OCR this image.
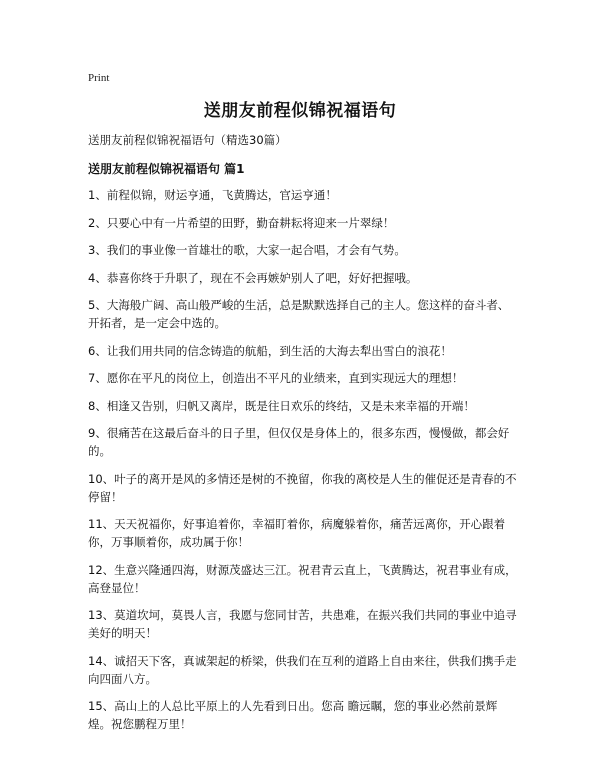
Print
送朋友前程似锦祝福语句
送朋友前程似锦祝福语句（精选30篇）
送朋友前程似锦祝福语句 篇1
1、前程似锦，财运亨通，飞黄腾达，官运亨通！
2、只要心中有一片希望的田野，勤奋耕耘将迎来一片翠绿！
3、我们的事业像一首雄壮的歌，大家一起合唱，才会有气势。
4、恭喜你终于升职了，现在不会再嫉妒别人了吧，好好把握哦。
5、大海般广阔、高山般严峻的生活，总是默默选择自己的主人。您这样的奋斗者、开拓者，是一定会中选的。
6、让我们用共同的信念铸造的航船，到生活的大海去犁出雪白的浪花！
7、愿你在平凡的岗位上，创造出不平凡的业绩来，直到实现远大的理想！
8、相逢又告别，归帆又离岸，既是往日欢乐的终结，又是未来幸福的开端！
9、很痛苦在这最后奋斗的日子里，但仅仅是身体上的，很多东西，慢慢做，都会好的。
10、叶子的离开是风的多情还是树的不挽留，你我的离校是人生的催促还是青春的不停留！
11、天天祝福你，好事追着你，幸福盯着你，病魔躲着你，痛苦远离你，开心跟着你，万事顺着你，成功属于你！
12、生意兴隆通四海，财源茂盛达三江。祝君青云直上，飞黄腾达，祝君事业有成，高登显位！
13、莫道坎坷，莫畏人言，我愿与您同甘苦，共患难，在振兴我们共同的事业中追寻美好的明天！
14、诚招天下客，真诚架起的桥梁，供我们在互利的道路上自由来往，供我们携手走向四面八方。
15、高山上的人总比平原上的人先看到日出。您高 瞻远瞩，您的事业必然前景辉煌。祝您鹏程万里！
